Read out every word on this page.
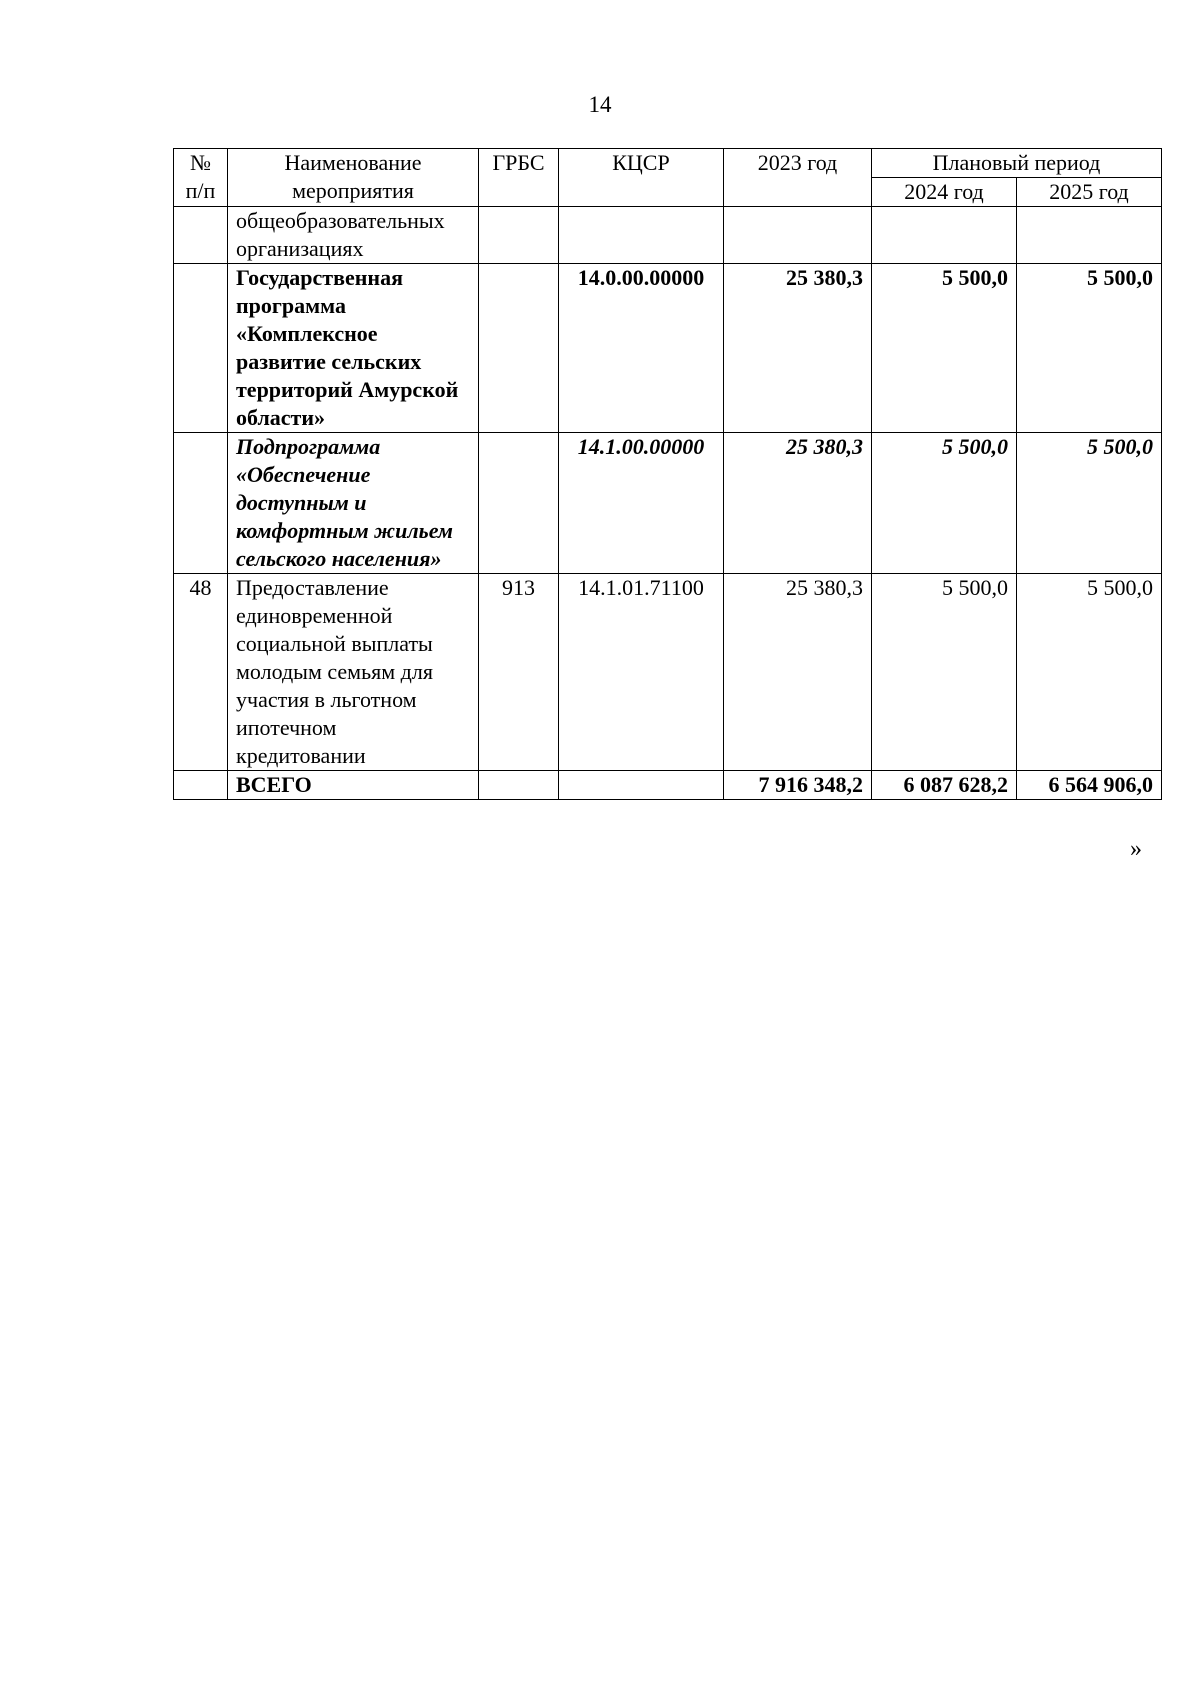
14
№ п/п	Наименование мероприятия	ГРБС	КЦСР	2023 год	Плановый период	
					2024 год	2025 год
	общеобразовательных организациях					
	Государственная программа «Комплексное развитие сельских территорий Амурской области»		14.0.00.00000	25 380,3	5 500,0	5 500,0
	Подпрограмма «Обеспечение доступным и комфортным жильем сельского населения»		14.1.00.00000	25 380,3	5 500,0	5 500,0
48	Предоставление единовременной социальной выплаты молодым семьям для участия в льготном ипотечном кредитовании	913	14.1.01.71100	25 380,3	5 500,0	5 500,0
	ВСЕГО			7 916 348,2	6 087 628,2	6 564 906,0
»
